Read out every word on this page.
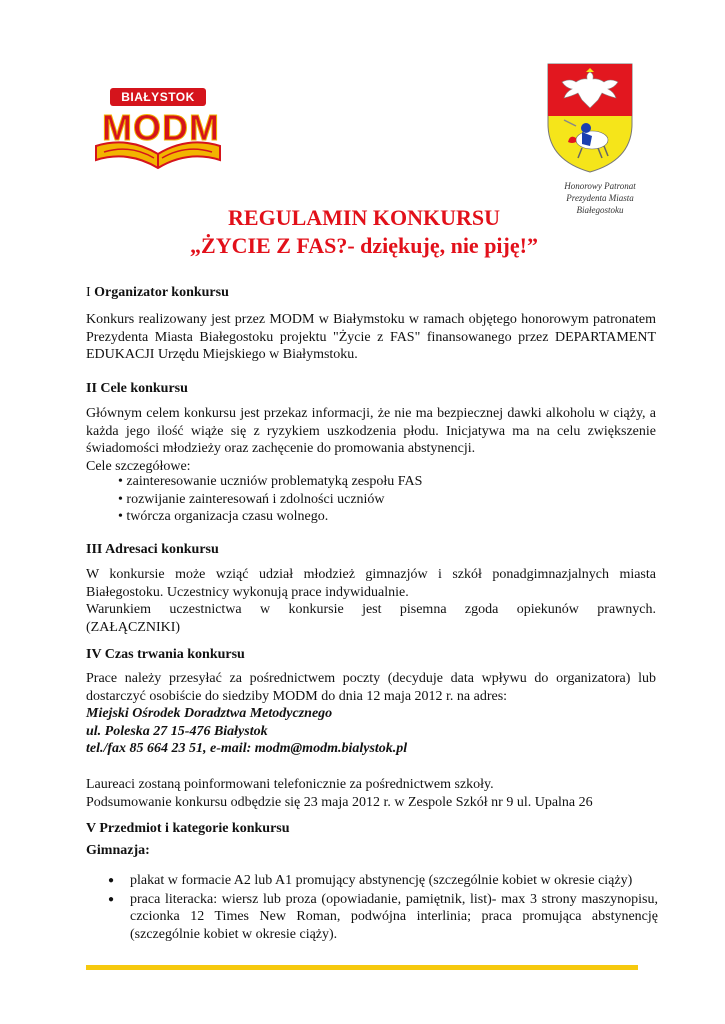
BIAŁYSTOK
MODM
Honorowy Patronat
Prezydenta Miasta
Białegostoku
REGULAMIN KONKURSU
„ŻYCIE Z FAS?- dziękuję, nie piję!”
I Organizator konkursu
Konkurs realizowany jest przez MODM w Białymstoku w ramach objętego honorowym patronatem Prezydenta Miasta Białegostoku projektu "Życie z FAS" finansowanego przez DEPARTAMENT EDUKACJI Urzędu Miejskiego w Białymstoku.
II Cele konkursu
Głównym celem konkursu jest przekaz informacji, że nie ma bezpiecznej dawki alkoholu w ciąży, a każda jego ilość wiąże się z ryzykiem uszkodzenia płodu. Inicjatywa ma na celu zwiększenie świadomości młodzieży oraz zachęcenie do promowania abstynencji.
Cele szczegółowe:
• zainteresowanie uczniów problematyką zespołu FAS
• rozwijanie zainteresowań i zdolności uczniów
• twórcza organizacja czasu wolnego.
III Adresaci konkursu
W konkursie może wziąć udział młodzież gimnazjów i szkół ponadgimnazjalnych miasta Białegostoku. Uczestnicy wykonują prace indywidualnie.
Warunkiem uczestnictwa w konkursie jest pisemna zgoda opiekunów prawnych.
(ZAŁĄCZNIKI)
IV Czas trwania konkursu
Prace należy przesyłać za pośrednictwem poczty (decyduje data wpływu do organizatora) lub dostarczyć osobiście do siedziby MODM do dnia 12 maja 2012 r. na adres:
Miejski Ośrodek Doradztwa Metodycznego
ul. Poleska 27 15-476 Białystok
tel./fax 85 664 23 51, e-mail: modm@modm.bialystok.pl
Laureaci zostaną poinformowani telefonicznie za pośrednictwem szkoły.
Podsumowanie konkursu odbędzie się 23 maja 2012 r. w Zespole Szkół nr 9 ul. Upalna 26
V Przedmiot i kategorie konkursu
Gimnazja:
● plakat w formacie A2 lub A1 promujący abstynencję (szczególnie kobiet w okresie ciąży)
● praca literacka: wiersz lub proza (opowiadanie, pamiętnik, list)- max 3 strony maszynopisu, czcionka 12 Times New Roman, podwójna interlinia; praca promująca abstynencję (szczególnie kobiet w okresie ciąży).
